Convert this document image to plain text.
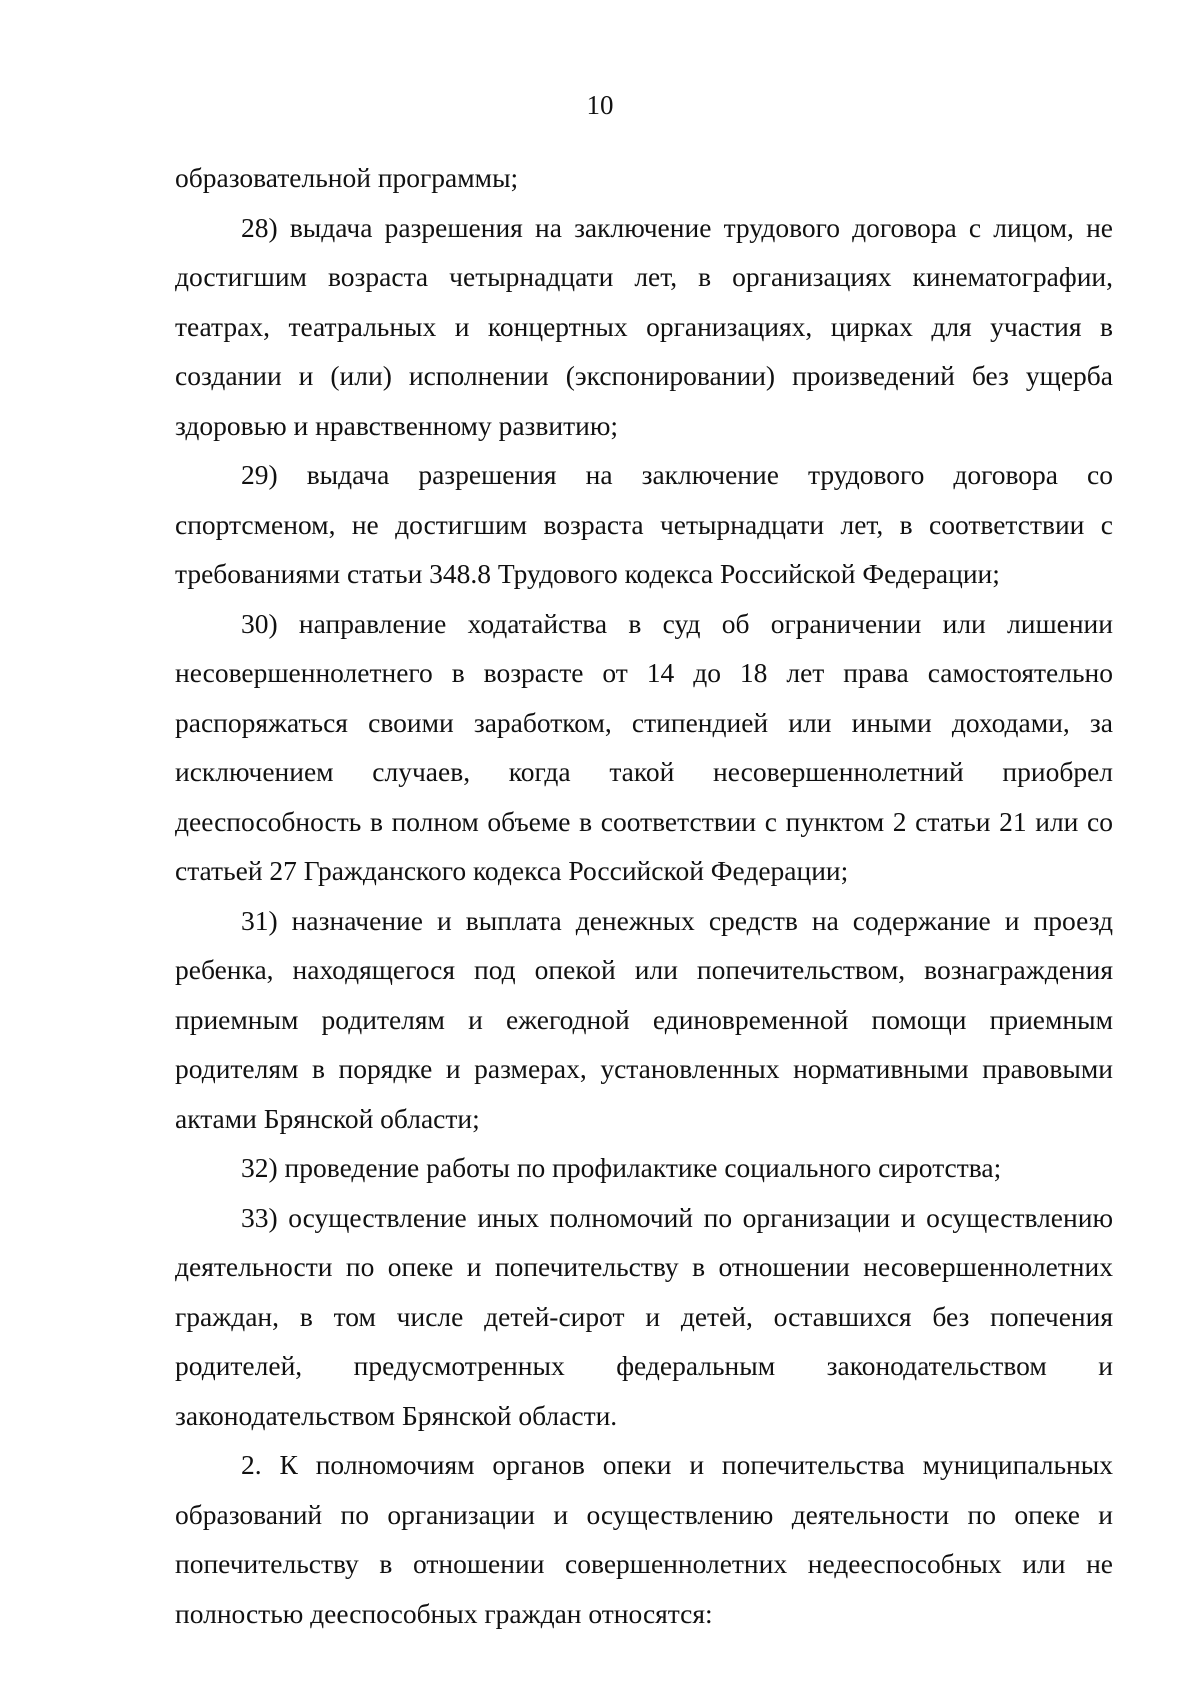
10

образовательной программы;

28) выдача разрешения на заключение трудового договора с лицом, не достигшим возраста четырнадцати лет, в организациях кинематографии, театрах, театральных и концертных организациях, цирках для участия в создании и (или) исполнении (экспонировании) произведений без ущерба здоровью и нравственному развитию;

29) выдача разрешения на заключение трудового договора со спортсменом, не достигшим возраста четырнадцати лет, в соответствии с требованиями статьи 348.8 Трудового кодекса Российской Федерации;

30) направление ходатайства в суд об ограничении или лишении несовершеннолетнего в возрасте от 14 до 18 лет права самостоятельно распоряжаться своими заработком, стипендией или иными доходами, за исключением случаев, когда такой несовершеннолетний приобрел дееспособность в полном объеме в соответствии с пунктом 2 статьи 21 или со статьей 27 Гражданского кодекса Российской Федерации;

31) назначение и выплата денежных средств на содержание и проезд ребенка, находящегося под опекой или попечительством, вознаграждения приемным родителям и ежегодной единовременной помощи приемным родителям в порядке и размерах, установленных нормативными правовыми актами Брянской области;

32) проведение работы по профилактике социального сиротства;

33) осуществление иных полномочий по организации и осуществлению деятельности по опеке и попечительству в отношении несовершеннолетних граждан, в том числе детей-сирот и детей, оставшихся без попечения родителей, предусмотренных федеральным законодательством и законодательством Брянской области.

2. К полномочиям органов опеки и попечительства муниципальных образований по организации и осуществлению деятельности по опеке и попечительству в отношении совершеннолетних недееспособных или не полностью дееспособных граждан относятся:
